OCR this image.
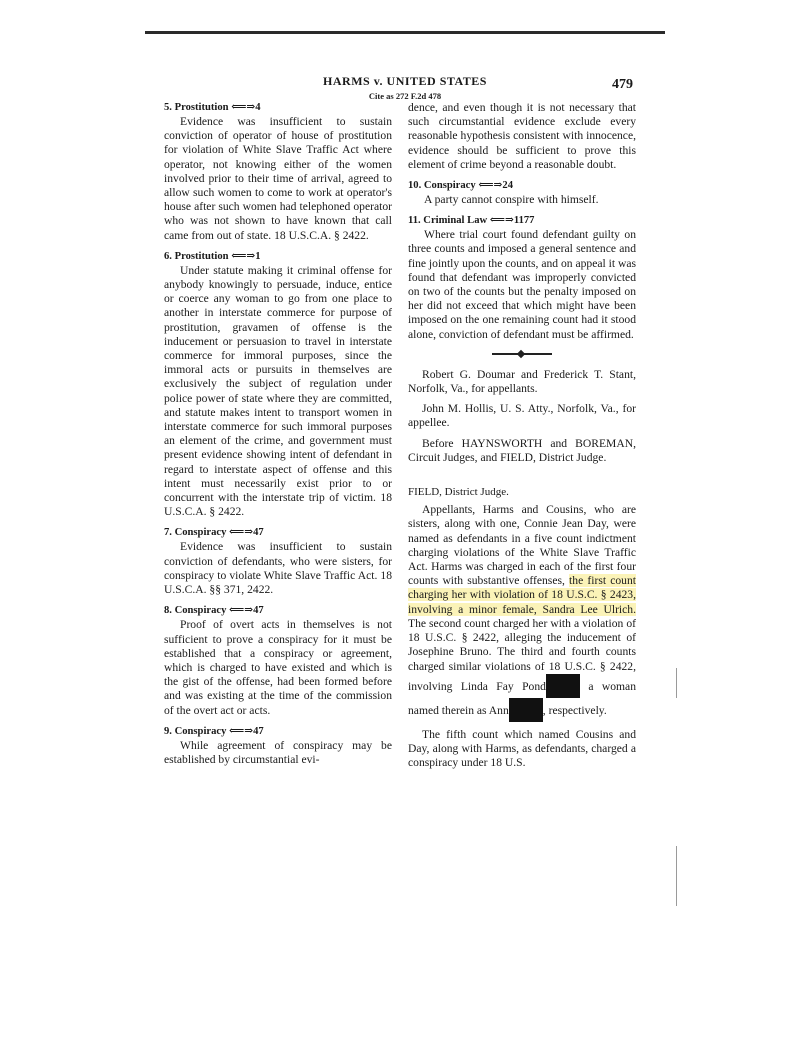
HARMS v. UNITED STATES
Cite as 272 F.2d 478
479

5. Prostitution ⟸⇒4

Evidence was insufficient to sustain conviction of operator of house of prostitution for violation of White Slave Traffic Act where operator, not knowing either of the women involved prior to their time of arrival, agreed to allow such women to come to work at operator's house after such women had telephoned operator who was not shown to have known that call came from out of state. 18 U.S.C.A. § 2422.

6. Prostitution ⟸⇒1

Under statute making it criminal offense for anybody knowingly to persuade, induce, entice or coerce any woman to go from one place to another in interstate commerce for purpose of prostitution, gravamen of offense is the inducement or persuasion to travel in interstate commerce for immoral purposes, since the immoral acts or pursuits in themselves are exclusively the subject of regulation under police power of state where they are committed, and statute makes intent to transport women in interstate commerce for such immoral purposes an element of the crime, and government must present evidence showing intent of defendant in regard to interstate aspect of offense and this intent must necessarily exist prior to or concurrent with the interstate trip of victim. 18 U.S.C.A. § 2422.

7. Conspiracy ⟸⇒47

Evidence was insufficient to sustain conviction of defendants, who were sisters, for conspiracy to violate White Slave Traffic Act. 18 U.S.C.A. §§ 371, 2422.

8. Conspiracy ⟸⇒47

Proof of overt acts in themselves is not sufficient to prove a conspiracy for it must be established that a conspiracy or agreement, which is charged to have existed and which is the gist of the offense, had been formed before and was existing at the time of the commission of the overt act or acts.

9. Conspiracy ⟸⇒47

While agreement of conspiracy may be established by circumstantial evi-

dence, and even though it is not necessary that such circumstantial evidence exclude every reasonable hypothesis consistent with innocence, evidence should be sufficient to prove this element of crime beyond a reasonable doubt.

10. Conspiracy ⟸⇒24

A party cannot conspire with himself.

11. Criminal Law ⟸⇒1177

Where trial court found defendant guilty on three counts and imposed a general sentence and fine jointly upon the counts, and on appeal it was found that defendant was improperly convicted on two of the counts but the penalty imposed on her did not exceed that which might have been imposed on the one remaining count had it stood alone, conviction of defendant must be affirmed.

Robert G. Doumar and Frederick T. Stant, Norfolk, Va., for appellants.

John M. Hollis, U. S. Atty., Norfolk, Va., for appellee.

Before HAYNSWORTH and BOREMAN, Circuit Judges, and FIELD, District Judge.

FIELD, District Judge.

Appellants, Harms and Cousins, who are sisters, along with one, Connie Jean Day, were named as defendants in a five count indictment charging violations of the White Slave Traffic Act. Harms was charged in each of the first four counts with substantive offenses, the first count charging her with violation of 18 U.S.C. § 2423, involving a minor female, Sandra Lee Ulrich. The second count charged her with a violation of 18 U.S.C. § 2422, alleging the inducement of Josephine Bruno. The third and fourth counts charged similar violations of 18 U.S.C. § 2422, involving Linda Fay Pond	a woman named therein as Ann	, respectively.

The fifth count which named Cousins and Day, along with Harms, as defendants, charged a conspiracy under 18 U.S.
